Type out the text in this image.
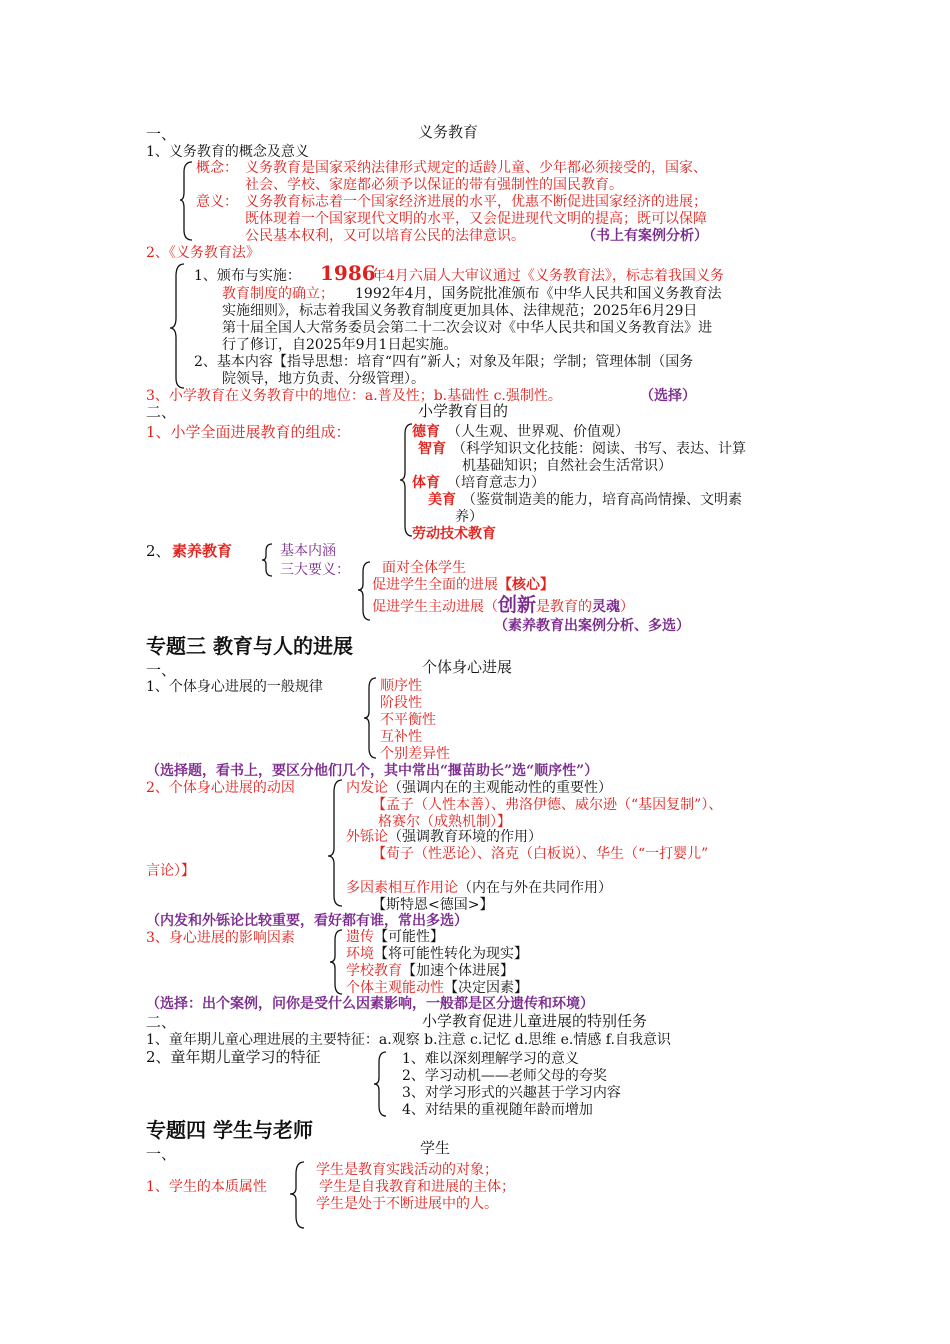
一、	义务教育
1、义务教育的概念及意义
概念： 义务教育是国家采纳法律形式规定的适龄儿童、少年都必须接受的，国家、
社会、学校、家庭都必须予以保证的带有强制性的国民教育。
意义： 义务教育标志着一个国家经济进展的水平，优惠不断促进国家经济的进展；
既体现着一个国家现代文明的水平，又会促进现代文明的提高；既可以保障
公民基本权利，又可以培育公民的法律意识。	（书上有案例分析）
2、《义务教育法》
1、颁布与实施： 1986
年4月六届人大审议通过《义务教育法》，标志着我国义务
教育制度的确立； 1992年4月，国务院批准颁布《中华人民共和国义务教育法
实施细则》，标志着我国义务教育制度更加具体、法律规范；2025年6月29日
第十届全国人大常务委员会第二十二次会议对《中华人民共和国义务教育法》进
行了修订，自2025年9月1日起实施。
2、基本内容【指导思想：培育“四有”新人；对象及年限；学制；管理体制（国务
院领导，地方负责、分级管理）。
3、小学教育在义务教育中的地位：a.普及性；b.基础性 c.强制性。	（选择）
二、	小学教育目的
1、小学全面进展教育的组成：	德育 （人生观、世界观、价值观）
智育 （科学知识文化技能：阅读、书写、表达、计算
机基础知识；自然社会生活常识）
体育 （培育意志力）
美育 （鉴赏制造美的能力，培育高尚情操、文明素
养）
劳动技术教育
2、 素养教育	基本内涵
三大要义： 面对全体学生
促进学生全面的进展【核心】
促进学生主动进展（创新是教育的灵魂）
（素养教育出案例分析、多选）
专题三 教育与人的进展
一、	个体身心进展
1、个体身心进展的一般规律	顺序性
阶段性
不平衡性
互补性
个别差异性
（选择题，看书上，要区分他们几个，其中常出“揠苗助长”选“顺序性”）
2、个体身心进展的动因	内发论（强调内在的主观能动性的重要性）
【孟子（人性本善）、弗洛伊德、威尔逊（“基因复制”）、
格赛尔（成熟机制）】
外铄论（强调教育环境的作用）
【荀子（性恶论）、洛克（白板说）、华生（“一打婴儿”
言论）】
多因素相互作用论（内在与外在共同作用）
【斯特恩<德国>】
（内发和外铄论比较重要，看好都有谁，常出多选）
3、身心进展的影响因素	遗传【可能性】
环境【将可能性转化为现实】
学校教育【加速个体进展】
个体主观能动性【决定因素】
（选择：出个案例，问你是受什么因素影响，一般都是区分遗传和环境）
二、	小学教育促进儿童进展的特别任务
1、童年期儿童心理进展的主要特征：a.观察 b.注意 c.记忆 d.思维 e.情感 f.自我意识
2、童年期儿童学习的特征	1、难以深刻理解学习的意义
2、学习动机——老师父母的夸奖
3、对学习形式的兴趣甚于学习内容
4、对结果的重视随年龄而增加
专题四 学生与老师
一、	学生
1、学生的本质属性
学生是教育实践活动的对象；
学生是自我教育和进展的主体；
学生是处于不断进展中的人。
